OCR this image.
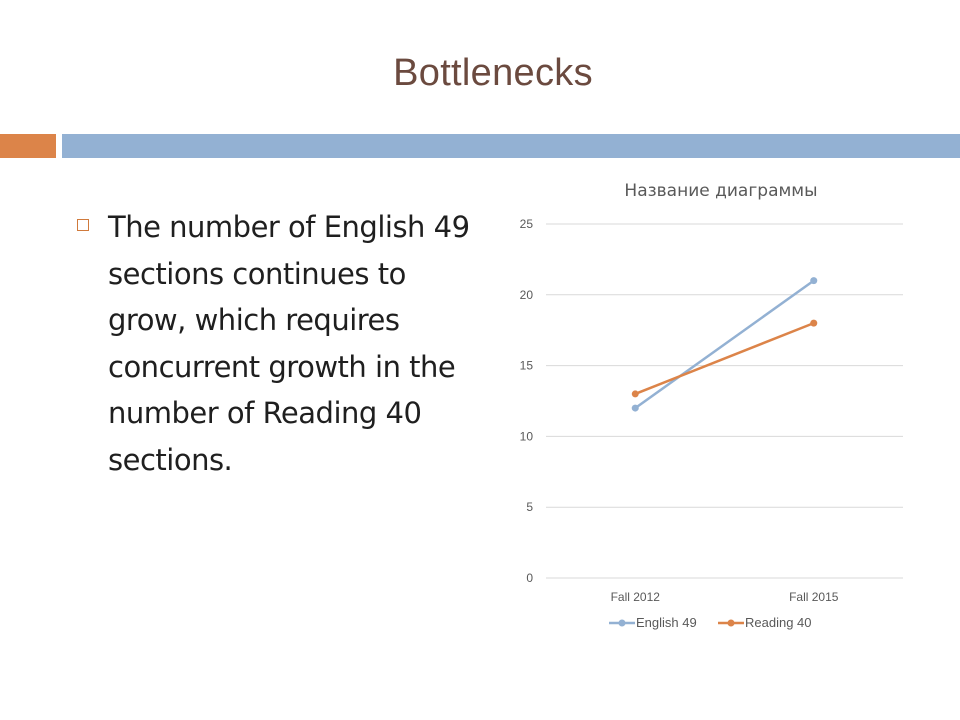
Bottlenecks
The number of English 49 sections continues to grow, which requires concurrent growth in the number of Reading 40 sections.
Название диаграммы
0
5
10
15
20
25
Fall 2012	Fall 2015
English 49	Reading 40
